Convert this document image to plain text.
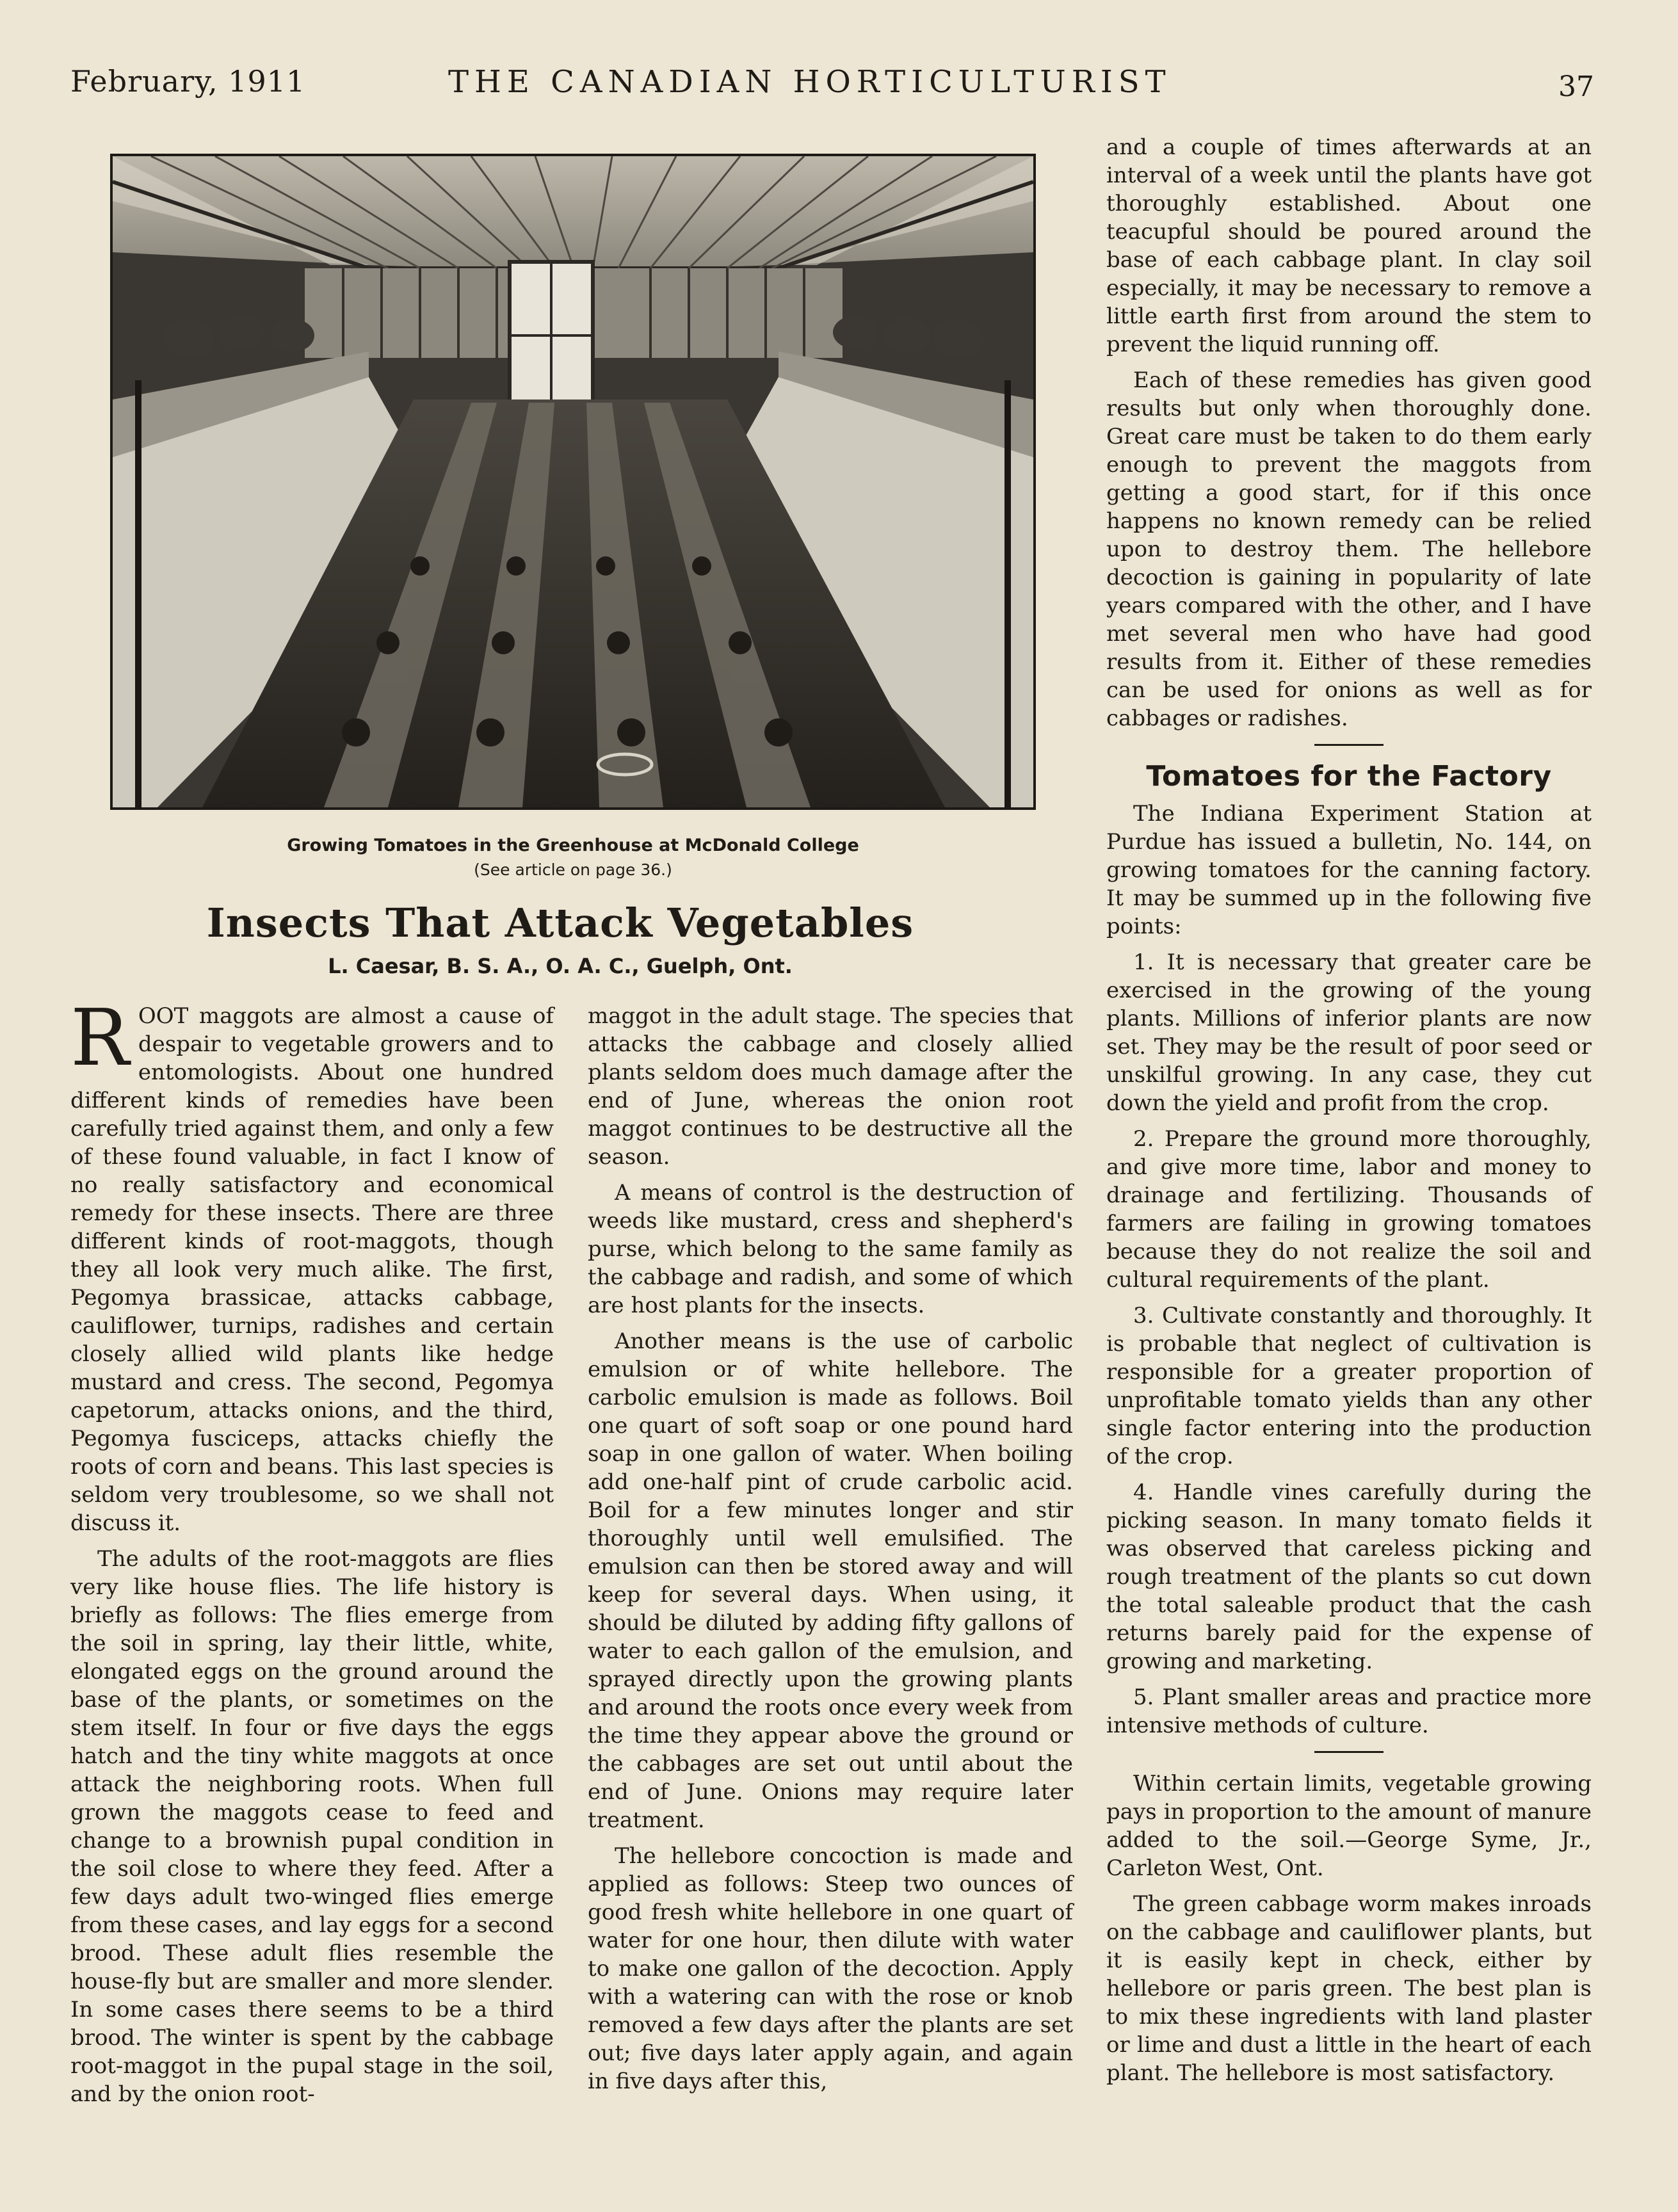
February, 1911	THE CANADIAN HORTICULTURIST	37
Growing Tomatoes in the Greenhouse at McDonald College
(See article on page 36.)
Insects That Attack Vegetables
L. Caesar, B. S. A., O. A. C., Guelph, Ont.

ROOT maggots are almost a cause of despair to vegetable growers and to entomologists. About one hundred different kinds of remedies have been carefully tried against them, and only a few of these found valuable, in fact I know of no really satisfactory and economical remedy for these insects. There are three different kinds of root-maggots, though they all look very much alike. The first, Pegomya brassicae, attacks cabbage, cauliflower, turnips, radishes and certain closely allied wild plants like hedge mustard and cress. The second, Pegomya capetorum, attacks onions, and the third, Pegomya fusciceps, attacks chiefly the roots of corn and beans. This last species is seldom very troublesome, so we shall not discuss it.

The adults of the root-maggots are flies very like house flies. The life history is briefly as follows: The flies emerge from the soil in spring, lay their little, white, elongated eggs on the ground around the base of the plants, or sometimes on the stem itself. In four or five days the eggs hatch and the tiny white maggots at once attack the neighboring roots. When full grown the maggots cease to feed and change to a brownish pupal condition in the soil close to where they feed. After a few days adult two-winged flies emerge from these cases, and lay eggs for a second brood. These adult flies resemble the house-fly but are smaller and more slender. In some cases there seems to be a third brood. The winter is spent by the cabbage root-maggot in the pupal stage in the soil, and by the onion root-

maggot in the adult stage. The species that attacks the cabbage and closely allied plants seldom does much damage after the end of June, whereas the onion root maggot continues to be destructive all the season.

A means of control is the destruction of weeds like mustard, cress and shepherd's purse, which belong to the same family as the cabbage and radish, and some of which are host plants for the insects.

Another means is the use of carbolic emulsion or of white hellebore. The carbolic emulsion is made as follows. Boil one quart of soft soap or one pound hard soap in one gallon of water. When boiling add one-half pint of crude carbolic acid. Boil for a few minutes longer and stir thoroughly until well emulsified. The emulsion can then be stored away and will keep for several days. When using, it should be diluted by adding fifty gallons of water to each gallon of the emulsion, and sprayed directly upon the growing plants and around the roots once every week from the time they appear above the ground or the cabbages are set out until about the end of June. Onions may require later treatment.

The hellebore concoction is made and applied as follows: Steep two ounces of good fresh white hellebore in one quart of water for one hour, then dilute with water to make one gallon of the decoction. Apply with a watering can with the rose or knob removed a few days after the plants are set out; five days later apply again, and again in five days after this,

and a couple of times afterwards at an interval of a week until the plants have got thoroughly established. About one teacupful should be poured around the base of each cabbage plant. In clay soil especially, it may be necessary to remove a little earth first from around the stem to prevent the liquid running off.

Each of these remedies has given good results but only when thoroughly done. Great care must be taken to do them early enough to prevent the maggots from getting a good start, for if this once happens no known remedy can be relied upon to destroy them. The hellebore decoction is gaining in popularity of late years compared with the other, and I have met several men who have had good results from it. Either of these remedies can be used for onions as well as for cabbages or radishes.

Tomatoes for the Factory

The Indiana Experiment Station at Purdue has issued a bulletin, No. 144, on growing tomatoes for the canning factory. It may be summed up in the following five points:

1. It is necessary that greater care be exercised in the growing of the young plants. Millions of inferior plants are now set. They may be the result of poor seed or unskilful growing. In any case, they cut down the yield and profit from the crop.

2. Prepare the ground more thoroughly, and give more time, labor and money to drainage and fertilizing. Thousands of farmers are failing in growing tomatoes because they do not realize the soil and cultural requirements of the plant.

3. Cultivate constantly and thoroughly. It is probable that neglect of cultivation is responsible for a greater proportion of unprofitable tomato yields than any other single factor entering into the production of the crop.

4. Handle vines carefully during the picking season. In many tomato fields it was observed that careless picking and rough treatment of the plants so cut down the total saleable product that the cash returns barely paid for the expense of growing and marketing.

5. Plant smaller areas and practice more intensive methods of culture.

Within certain limits, vegetable growing pays in proportion to the amount of manure added to the soil.—George Syme, Jr., Carleton West, Ont.

The green cabbage worm makes inroads on the cabbage and cauliflower plants, but it is easily kept in check, either by hellebore or paris green. The best plan is to mix these ingredients with land plaster or lime and dust a little in the heart of each plant. The hellebore is most satisfactory.
